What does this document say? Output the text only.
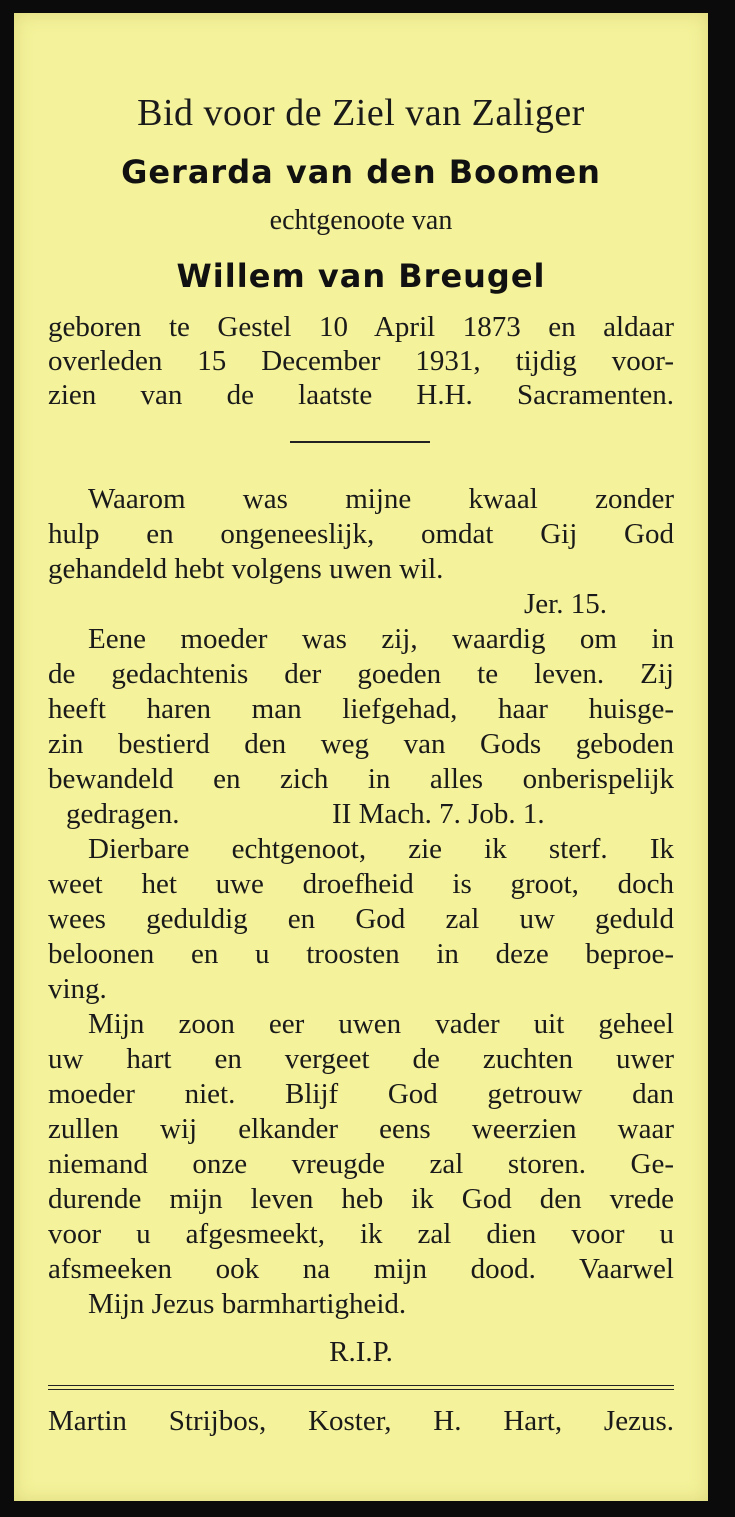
Bid voor de Ziel van Zaliger
Gerarda van den Boomen
echtgenoote van
Willem van Breugel
geboren te Gestel 10 April 1873 en aldaar
overleden 15 December 1931, tijdig voor-
zien van de laatste H.H. Sacramenten.
Waarom was mijne kwaal zonder
hulp en ongeneeslijk, omdat Gij God
gehandeld hebt volgens uwen wil.
Jer. 15.
Eene moeder was zij, waardig om in
de gedachtenis der goeden te leven. Zij
heeft haren man liefgehad, haar huisge-
zin bestierd den weg van Gods geboden
bewandeld en zich in alles onberispelijk
gedragen.	II Mach. 7. Job. 1.
Dierbare echtgenoot, zie ik sterf. Ik
weet het uwe droefheid is groot, doch
wees geduldig en God zal uw geduld
beloonen en u troosten in deze beproe-
ving.
Mijn zoon eer uwen vader uit geheel
uw hart en vergeet de zuchten uwer
moeder niet. Blijf God getrouw dan
zullen wij elkander eens weerzien waar
niemand onze vreugde zal storen. Ge-
durende mijn leven heb ik God den vrede
voor u afgesmeekt, ik zal dien voor u
afsmeeken ook na mijn dood. Vaarwel
Mijn Jezus barmhartigheid.
R.I.P.
Martin Strijbos, Koster, H. Hart, Jezus.
